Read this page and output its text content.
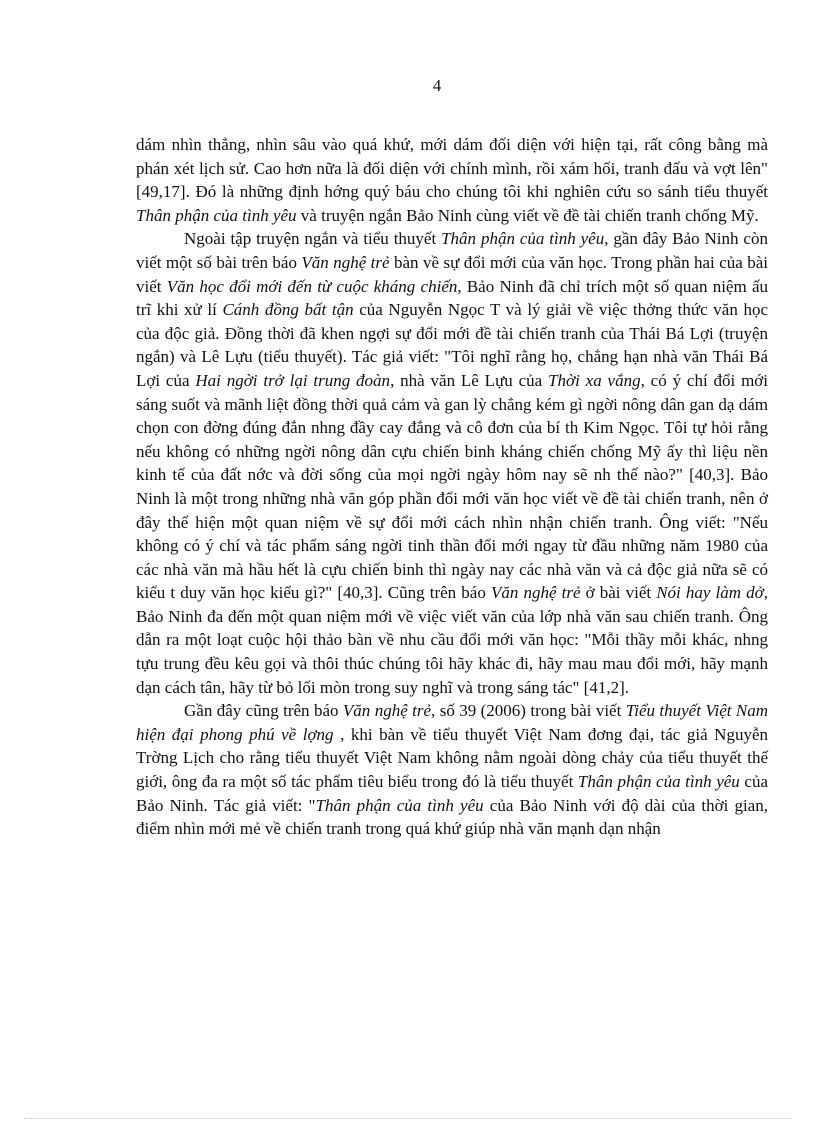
4

dám nhìn thẳng, nhìn sâu vào quá khứ, mới dám đối diện với hiện tại, rất công bằng mà phán xét lịch sử. Cao hơn nữa là đối diện với chính mình, rồi xám hối, tranh đấu và vợt lên" [49,17]. Đó là những định hớng quý báu cho chúng tôi khi nghiên cứu so sánh tiểu thuyết Thân phận của tình yêu và truyện ngắn Bảo Ninh cùng viết về đề tài chiến tranh chống Mỹ.

Ngoài tập truyện ngắn và tiểu thuyết Thân phận của tình yêu, gần đây Bảo Ninh còn viết một số bài trên báo Văn nghệ trẻ bàn về sự đổi mới của văn học. Trong phần hai của bài viết Văn học đổi mới đến từ cuộc kháng chiến, Bảo Ninh đã chỉ trích một số quan niệm ấu trĩ khi xử lí Cánh đồng bất tận của Nguyễn Ngọc T và lý giải về việc thởng thức văn học của độc giả. Đồng thời đã khen ngợi sự đổi mới đề tài chiến tranh của Thái Bá Lợi (truyện ngắn) và Lê Lựu (tiểu thuyết). Tác giả viết: "Tôi nghĩ rằng họ, chẳng hạn nhà văn Thái Bá Lợi của Hai ngời trở lại trung đoàn, nhà văn Lê Lựu của Thời xa vắng, có ý chí đổi mới sáng suốt và mãnh liệt đồng thời quả cảm và gan lỳ chẳng kém gì ngời nông dân gan dạ dám chọn con đờng đúng đắn nhng đầy cay đắng và cô đơn của bí th Kim Ngọc. Tôi tự hỏi rằng nếu không có những ngời nông dân cựu chiến binh kháng chiến chống Mỹ ấy thì liệu nền kinh tế của đất nớc và đời sống của mọi ngời ngày hôm nay sẽ nh thế nào?" [40,3]. Bảo Ninh là một trong những nhà văn góp phần đổi mới văn học viết về đề tài chiến tranh, nên ở đây thể hiện một quan niệm về sự đổi mới cách nhìn nhận chiến tranh. Ông viết: "Nếu không có ý chí và tác phẩm sáng ngời tinh thần đổi mới ngay từ đầu những năm 1980 của các nhà văn mà hầu hết là cựu chiến binh thì ngày nay các nhà văn và cả độc giả nữa sẽ có kiểu t duy văn học kiểu gì?" [40,3]. Cũng trên báo Văn nghệ trẻ ở bài viết Nói hay làm dở, Bảo Ninh đa đến một quan niệm mới về việc viết văn của lớp nhà văn sau chiến tranh. Ông dẫn ra một loạt cuộc hội thảo bàn về nhu cầu đổi mới văn học: "Mỗi thầy mỗi khác, nhng tựu trung đều kêu gọi và thôi thúc chúng tôi hãy khác đi, hãy mau mau đổi mới, hãy mạnh dạn cách tân, hãy từ bỏ lối mòn trong suy nghĩ và trong sáng tác" [41,2].

Gần đây cũng trên báo Văn nghệ trẻ, số 39 (2006) trong bài viết Tiểu thuyết Việt Nam hiện đại phong phú về lợng , khi bàn về tiểu thuyết Việt Nam đơng đại, tác giả Nguyễn Trờng Lịch cho rằng tiểu thuyết Việt Nam không nằm ngoài dòng chảy của tiểu thuyết thế giới, ông đa ra một số tác phẩm tiêu biểu trong đó là tiểu thuyết Thân phận của tình yêu của Bảo Ninh. Tác giả viết: "Thân phận của tình yêu của Bảo Ninh với độ dài của thời gian, điểm nhìn mới mẻ về chiến tranh trong quá khứ giúp nhà văn mạnh dạn nhận
